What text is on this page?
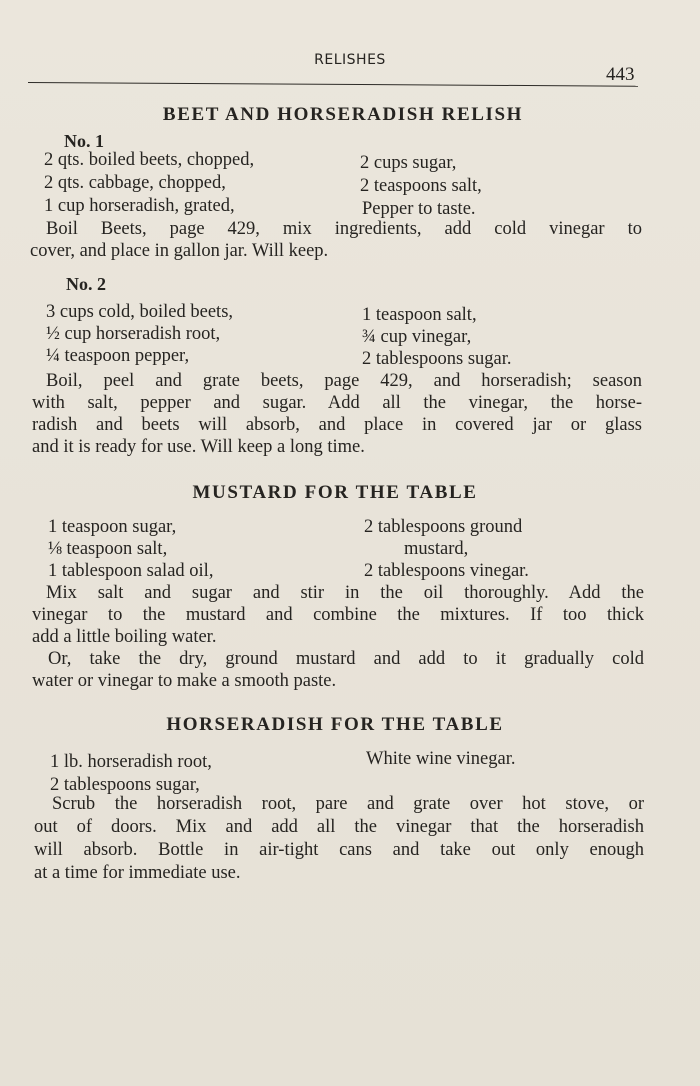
RELISHES
443
BEET AND HORSERADISH RELISH
No. 1
2 qts. boiled beets, chopped,
2 qts. cabbage, chopped,
1 cup horseradish, grated,
2 cups sugar,
2 teaspoons salt,
Pepper to taste.
Boil Beets, page 429, mix ingredients, add cold vinegar to
cover, and place in gallon jar. Will keep.
No. 2
3 cups cold, boiled beets,
½ cup horseradish root,
¼ teaspoon pepper,
1 teaspoon salt,
¾ cup vinegar,
2 tablespoons sugar.
Boil, peel and grate beets, page 429, and horseradish; season
with salt, pepper and sugar. Add all the vinegar, the horse-
radish and beets will absorb, and place in covered jar or glass
and it is ready for use. Will keep a long time.
MUSTARD FOR THE TABLE
1 teaspoon sugar,
⅛ teaspoon salt,
1 tablespoon salad oil,
2 tablespoons ground
mustard,
2 tablespoons vinegar.
Mix salt and sugar and stir in the oil thoroughly. Add the
vinegar to the mustard and combine the mixtures. If too thick
add a little boiling water.
Or, take the dry, ground mustard and add to it gradually cold
water or vinegar to make a smooth paste.
HORSERADISH FOR THE TABLE
1 lb. horseradish root,
2 tablespoons sugar,
White wine vinegar.
Scrub the horseradish root, pare and grate over hot stove, or
out of doors. Mix and add all the vinegar that the horseradish
will absorb. Bottle in air-tight cans and take out only enough
at a time for immediate use.
